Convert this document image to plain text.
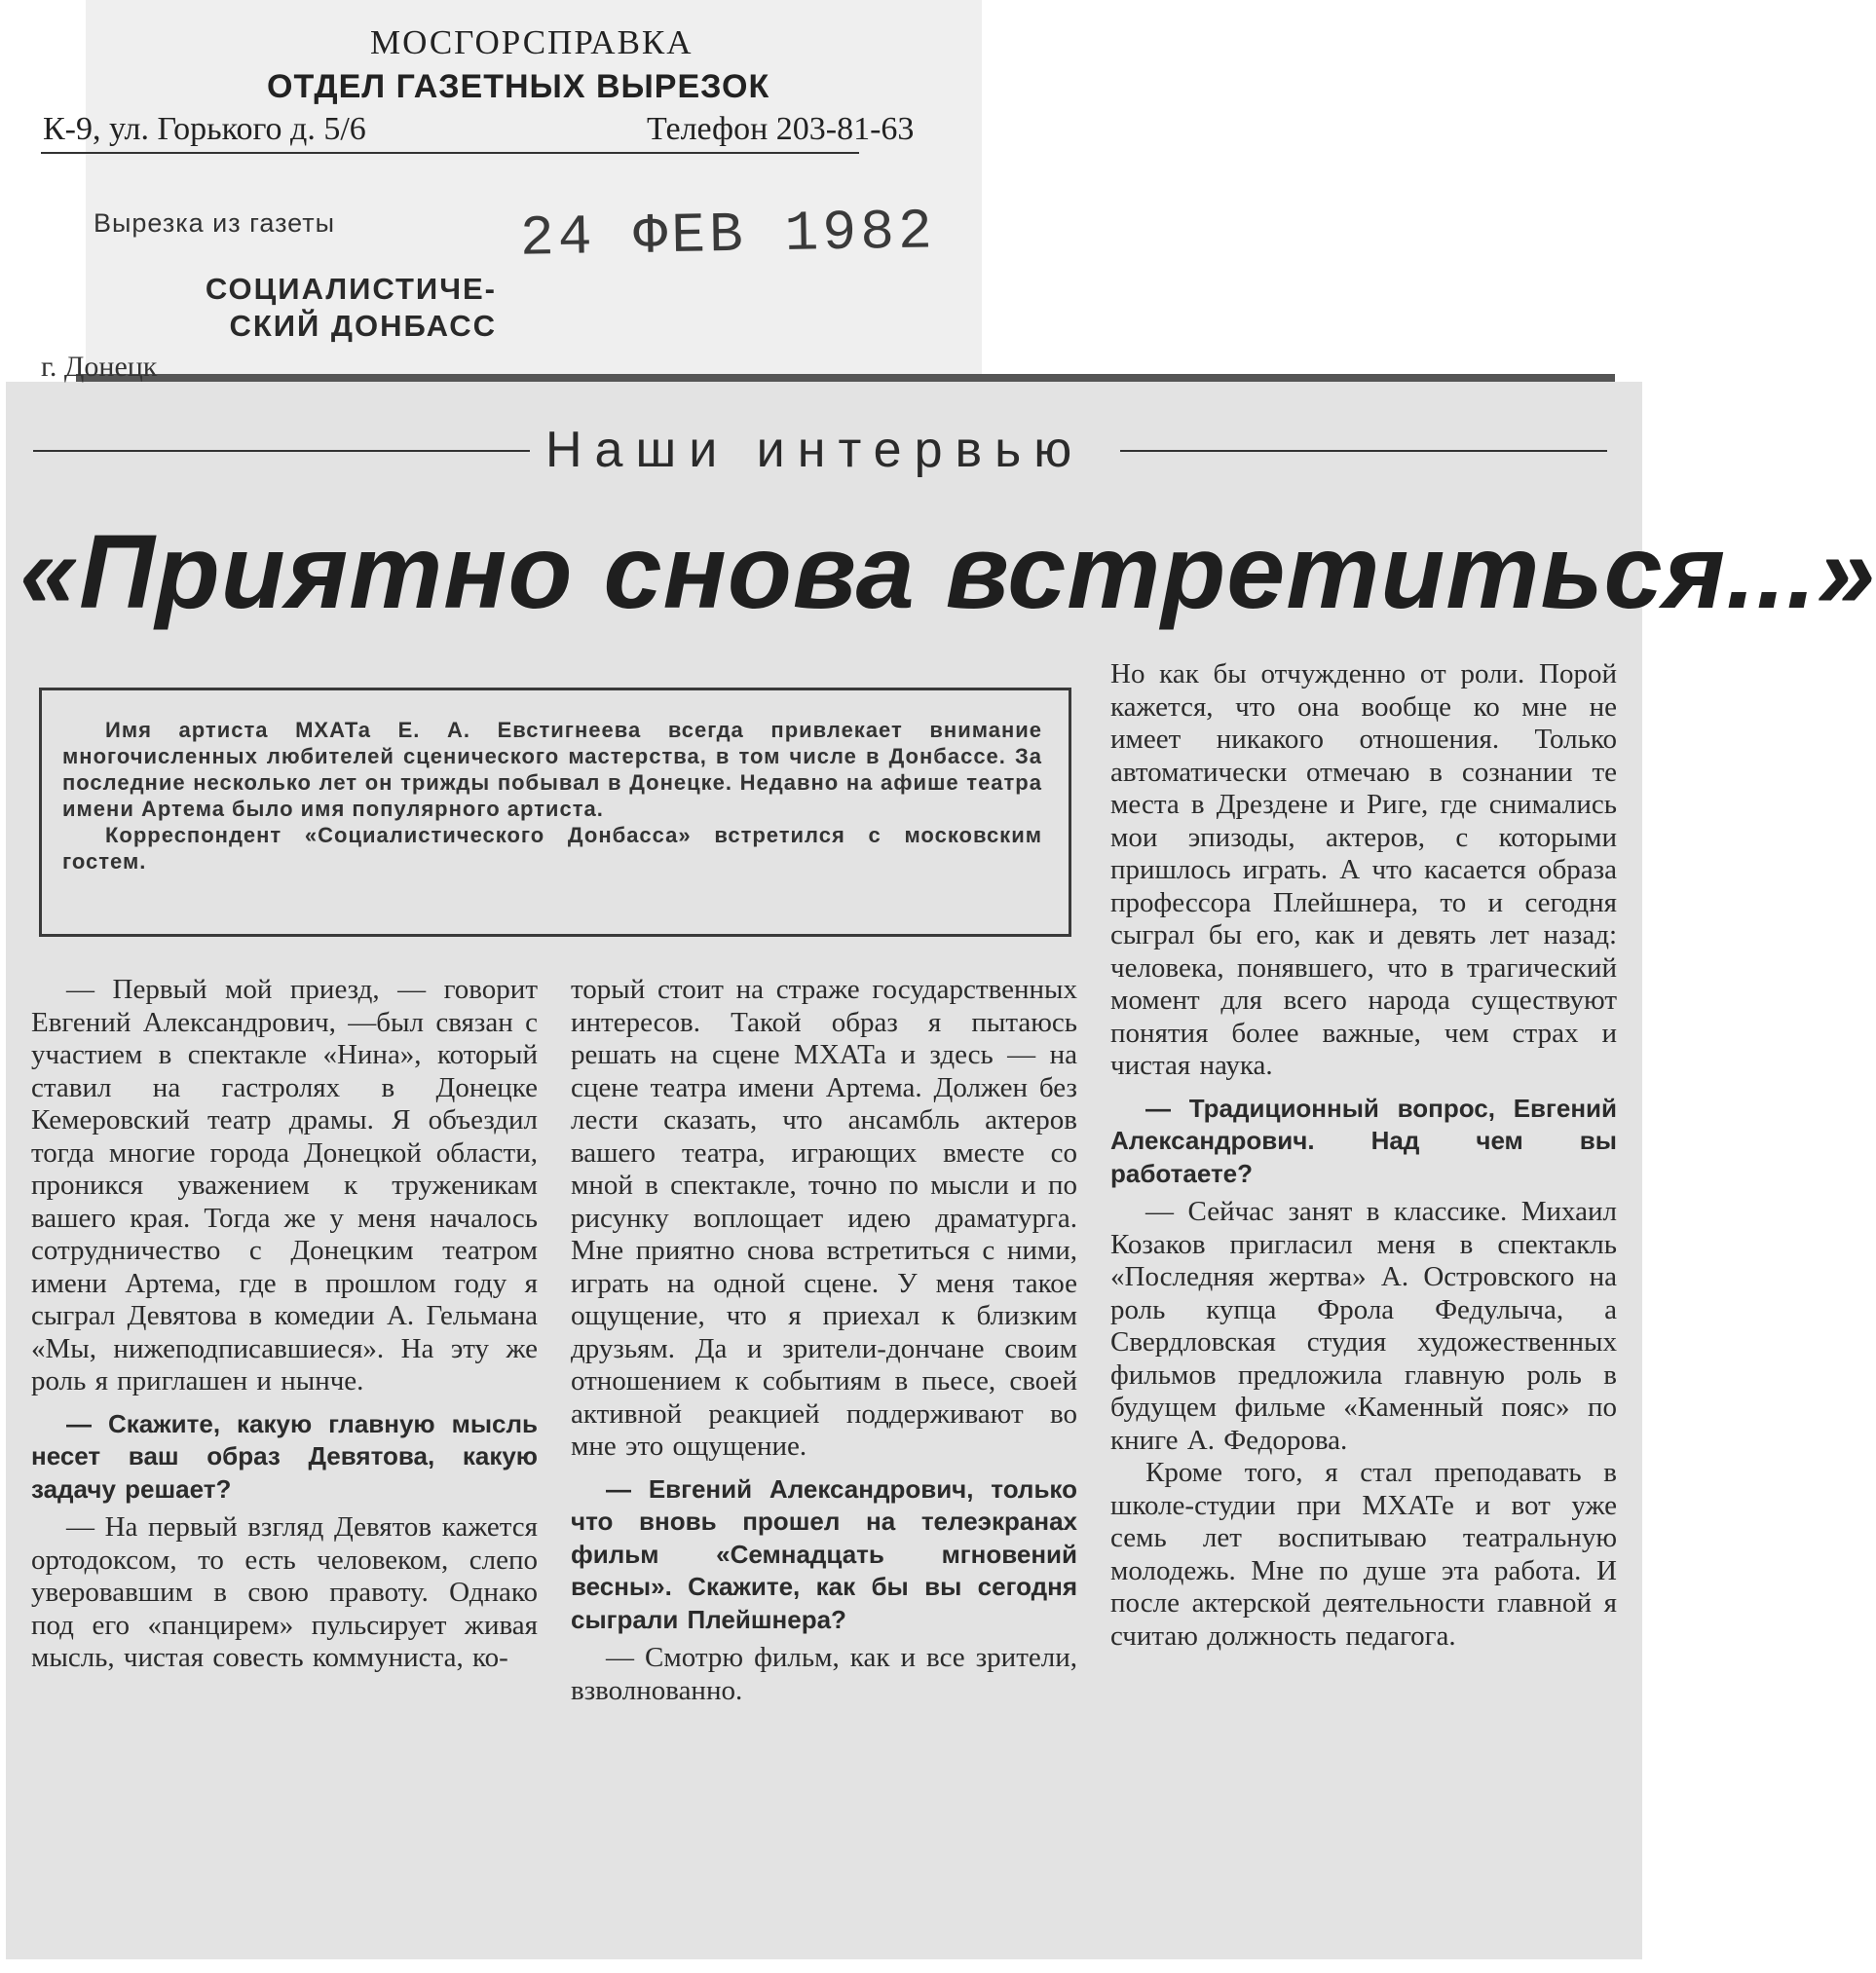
МОСГОРСПРАВКА
ОТДЕЛ ГАЗЕТНЫХ ВЫРЕЗОК
К-9, ул. Горького д. 5/6	Телефон 203-81-63
Вырезка из газеты
СОЦИАЛИСТИЧЕ-
СКИЙ ДОНБАСС
24 ФЕВ 1982
г. Донецк
Наши интервью
«Приятно снова встретиться...»

Имя артиста МХАТа Е. А. Евстигнеева всегда привлекает внимание многочисленных любителей сценического мастерства, в том числе в Донбассе. За последние несколько лет он трижды побывал в Донецке. Недавно на афише театра имени Артема было имя популярного артиста.

Корреспондент «Социалистического Донбасса» встретился с московским гостем.

— Первый мой приезд, — говорит Евгений Александрович, —был связан с участием в спектакле «Нина», который ставил на гастролях в Донецке Кемеровский театр драмы. Я объездил тогда многие города Донецкой области, проникся уважением к труженикам вашего края. Тогда же у меня началось сотрудничество с Донецким театром имени Артема, где в прошлом году я сыграл Девятова в комедии А. Гельмана «Мы, нижеподписавшиеся». На эту же роль я приглашен и нынче.

— Скажите, какую главную мысль несет ваш образ Девятова, какую задачу решает?

— На первый взгляд Девятов кажется ортодоксом, то есть человеком, слепо уверовавшим в свою правоту. Однако под его «панцирем» пульсирует живая мысль, чистая совесть коммуниста, ко-

торый стоит на страже государственных интересов. Такой образ я пытаюсь решать на сцене МХАТа и здесь — на сцене театра имени Артема. Должен без лести сказать, что ансамбль актеров вашего театра, играющих вместе со мной в спектакле, точно по мысли и по рисунку воплощает идею драматурга. Мне приятно снова встретиться с ними, играть на одной сцене. У меня такое ощущение, что я приехал к близким друзьям. Да и зрители-дончане своим отношением к событиям в пьесе, своей активной реакцией поддерживают во мне это ощущение.

— Евгений Александрович, только что вновь прошел на телеэкранах фильм «Семнадцать мгновений весны». Скажите, как бы вы сегодня сыграли Плейшнера?

— Смотрю фильм, как и все зрители, взволнованно.

Но как бы отчужденно от роли. Порой кажется, что она вообще ко мне не имеет никакого отношения. Только автоматически отмечаю в сознании те места в Дрездене и Риге, где снимались мои эпизоды, актеров, с которыми пришлось играть. А что касается образа профессора Плейшнера, то и сегодня сыграл бы его, как и девять лет назад: человека, понявшего, что в трагический момент для всего народа существуют понятия более важные, чем страх и чистая наука.

— Традиционный вопрос, Евгений Александрович. Над чем вы работаете?

— Сейчас занят в классике. Михаил Козаков пригласил меня в спектакль «Последняя жертва» А. Островского на роль купца Фрола Федулыча, а Свердловская студия художественных фильмов предложила главную роль в будущем фильме «Каменный пояс» по книге А. Федорова.

Кроме того, я стал преподавать в школе-студии при МХАТе и вот уже семь лет воспитываю театральную молодежь. Мне по душе эта работа. И после актерской деятельности главной я считаю должность педагога.
